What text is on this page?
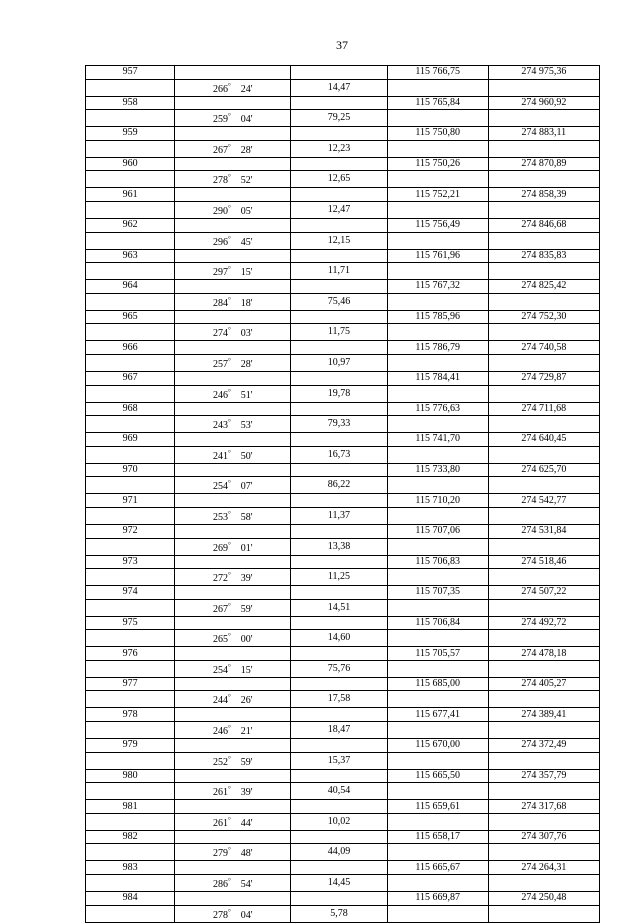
37
957			115 766,75	274 975,36
	266° 24'	14,47		
958			115 765,84	274 960,92
	259° 04'	79,25		
959			115 750,80	274 883,11
	267° 28'	12,23		
960			115 750,26	274 870,89
	278° 52'	12,65		
961			115 752,21	274 858,39
	290° 05'	12,47		
962			115 756,49	274 846,68
	296° 45'	12,15		
963			115 761,96	274 835,83
	297° 15'	11,71		
964			115 767,32	274 825,42
	284° 18'	75,46		
965			115 785,96	274 752,30
	274° 03'	11,75		
966			115 786,79	274 740,58
	257° 28'	10,97		
967			115 784,41	274 729,87
	246° 51'	19,78		
968			115 776,63	274 711,68
	243° 53'	79,33		
969			115 741,70	274 640,45
	241° 50'	16,73		
970			115 733,80	274 625,70
	254° 07'	86,22		
971			115 710,20	274 542,77
	253° 58'	11,37		
972			115 707,06	274 531,84
	269° 01'	13,38		
973			115 706,83	274 518,46
	272° 39'	11,25		
974			115 707,35	274 507,22
	267° 59'	14,51		
975			115 706,84	274 492,72
	265° 00'	14,60		
976			115 705,57	274 478,18
	254° 15'	75,76		
977			115 685,00	274 405,27
	244° 26'	17,58		
978			115 677,41	274 389,41
	246° 21'	18,47		
979			115 670,00	274 372,49
	252° 59'	15,37		
980			115 665,50	274 357,79
	261° 39'	40,54		
981			115 659,61	274 317,68
	261° 44'	10,02		
982			115 658,17	274 307,76
	279° 48'	44,09		
983			115 665,67	274 264,31
	286° 54'	14,45		
984			115 669,87	274 250,48
	278° 04'	5,78		
